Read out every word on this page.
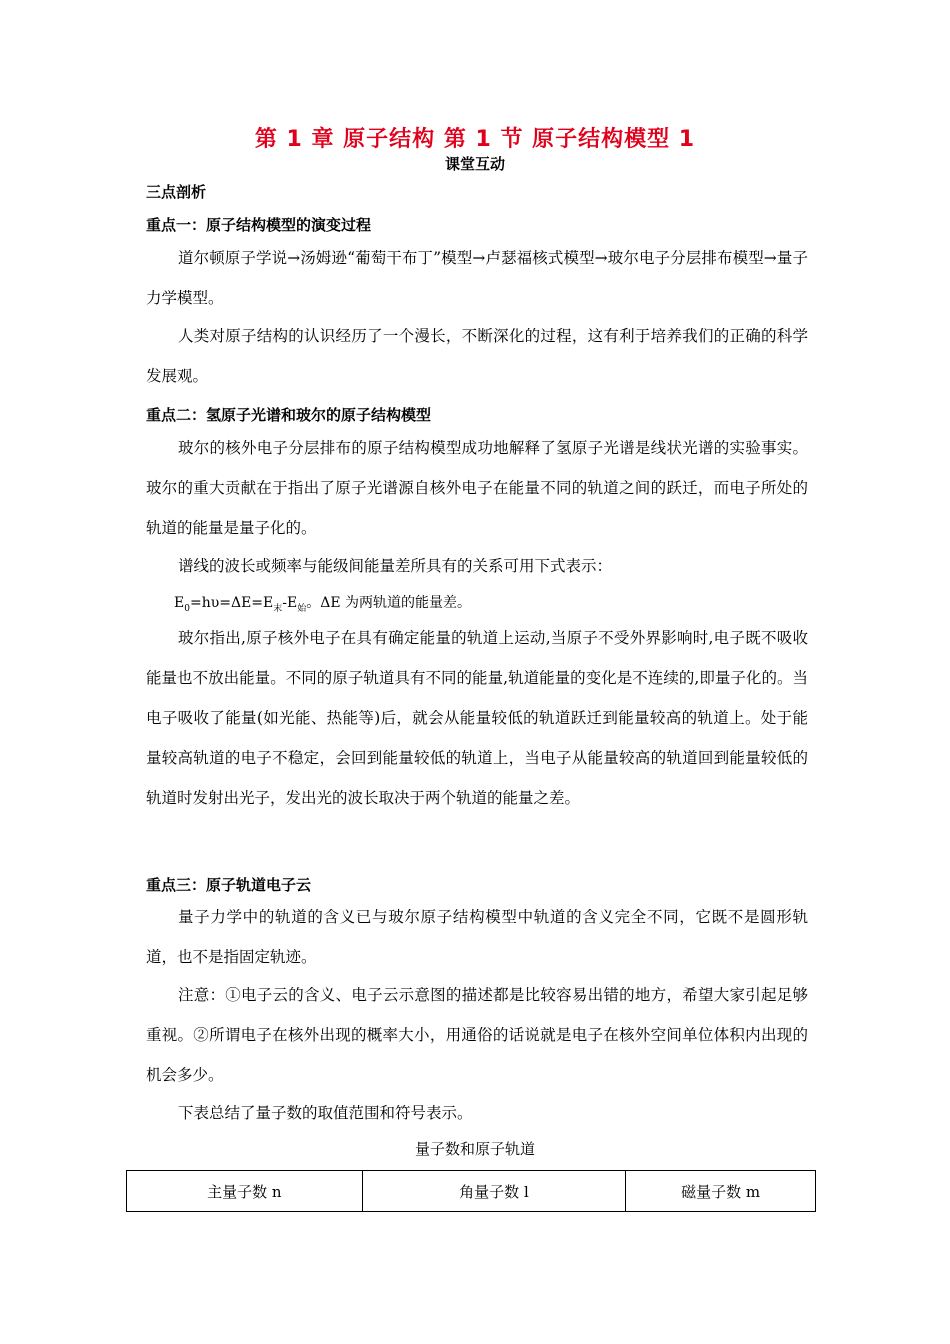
第 1 章 原子结构 第 1 节 原子结构模型 1
课堂互动
三点剖析
重点一：原子结构模型的演变过程
道尔顿原子学说→汤姆逊“葡萄干布丁”模型→卢瑟福核式模型→玻尔电子分层排布模型→量子力学模型。
人类对原子结构的认识经历了一个漫长，不断深化的过程，这有利于培养我们的正确的科学发展观。
重点二：氢原子光谱和玻尔的原子结构模型
玻尔的核外电子分层排布的原子结构模型成功地解释了氢原子光谱是线状光谱的实验事实。玻尔的重大贡献在于指出了原子光谱源自核外电子在能量不同的轨道之间的跃迁，而电子所处的轨道的能量是量子化的。
谱线的波长或频率与能级间能量差所具有的关系可用下式表示：
$E_0=h\upsilon=\Delta E=E_末-E_始$。ΔE 为两轨道的能量差。
玻尔指出,原子核外电子在具有确定能量的轨道上运动,当原子不受外界影响时,电子既不吸收能量也不放出能量。不同的原子轨道具有不同的能量,轨道能量的变化是不连续的,即量子化的。当电子吸收了能量(如光能、热能等)后，就会从能量较低的轨道跃迁到能量较高的轨道上。处于能量较高轨道的电子不稳定，会回到能量较低的轨道上，当电子从能量较高的轨道回到能量较低的轨道时发射出光子，发出光的波长取决于两个轨道的能量之差。
重点三：原子轨道电子云
量子力学中的轨道的含义已与玻尔原子结构模型中轨道的含义完全不同，它既不是圆形轨道，也不是指固定轨迹。
注意：①电子云的含义、电子云示意图的描述都是比较容易出错的地方，希望大家引起足够重视。②所谓电子在核外出现的概率大小，用通俗的话说就是电子在核外空间单位体积内出现的机会多少。
下表总结了量子数的取值范围和符号表示。
量子数和原子轨道
主量子数 n	角量子数 l	磁量子数 m
